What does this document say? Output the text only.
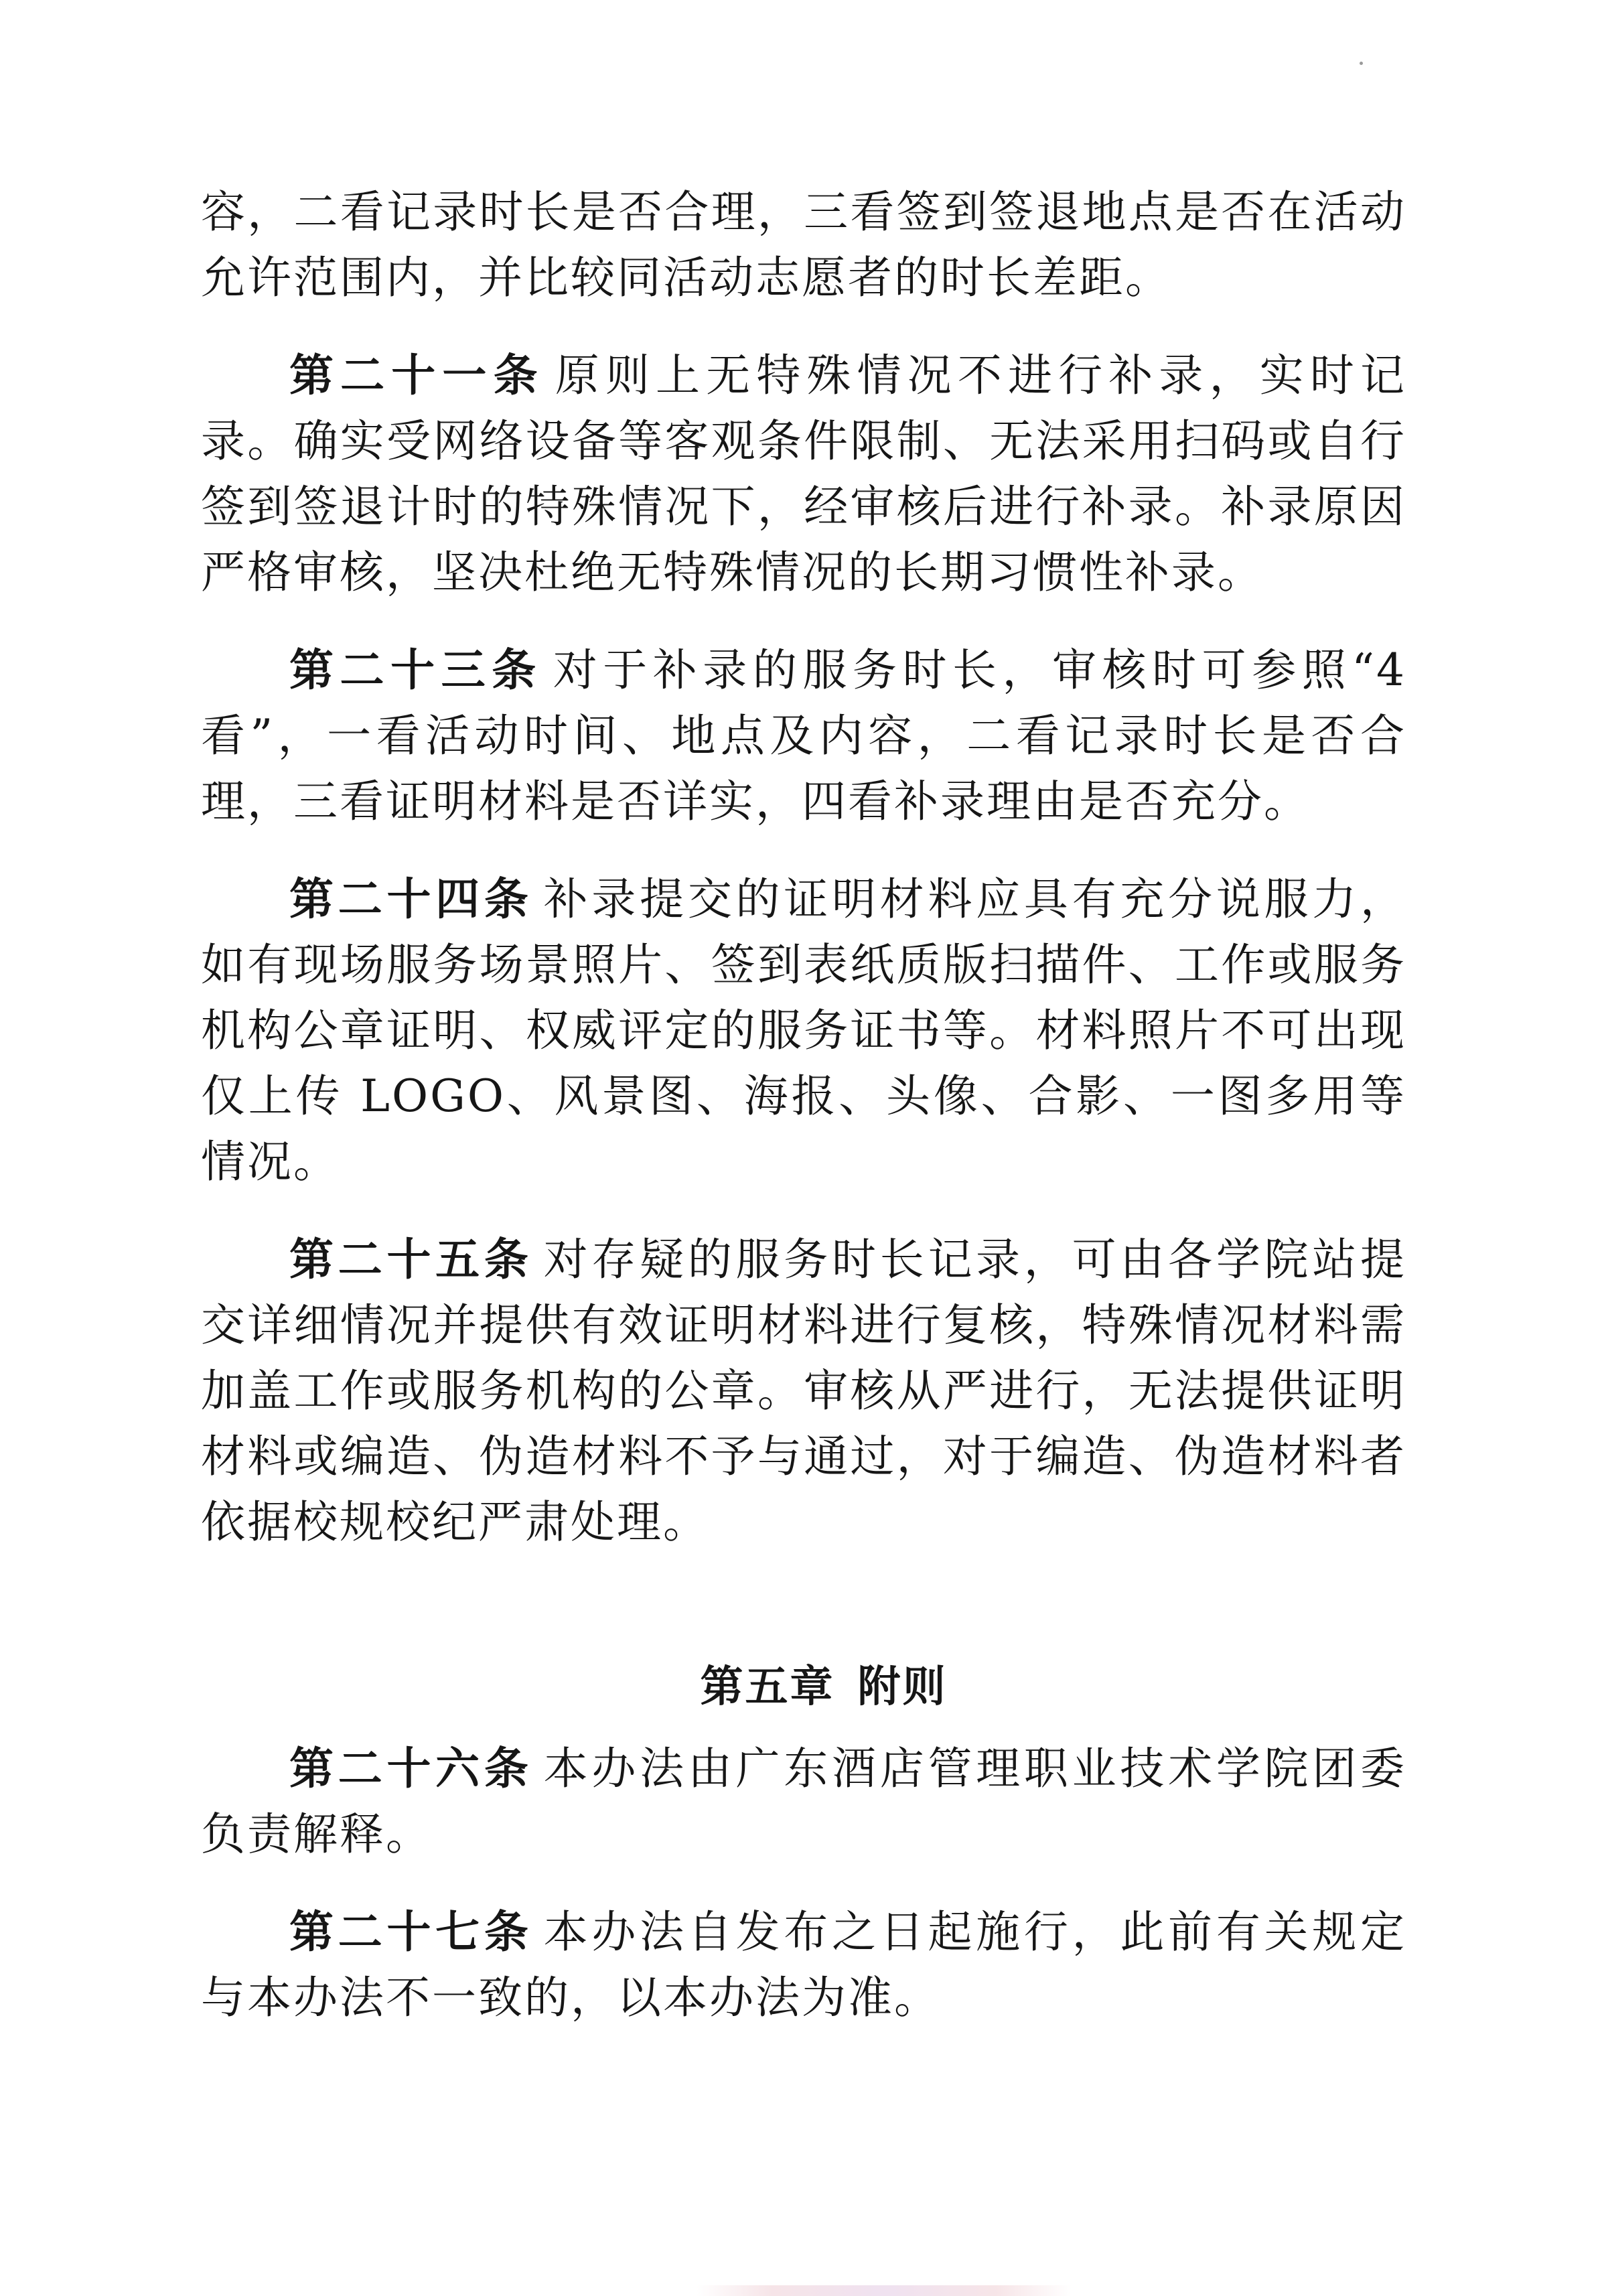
容，二看记录时长是否合理，三看签到签退地点是否在活动允许范围内，并比较同活动志愿者的时长差距。

第二十一条 原则上无特殊情况不进行补录，实时记录。确实受网络设备等客观条件限制、无法采用扫码或自行签到签退计时的特殊情况下，经审核后进行补录。补录原因严格审核，坚决杜绝无特殊情况的长期习惯性补录。

第二十三条 对于补录的服务时长，审核时可参照“4 看”，一看活动时间、地点及内容，二看记录时长是否合理，三看证明材料是否详实，四看补录理由是否充分。

第二十四条 补录提交的证明材料应具有充分说服力，如有现场服务场景照片、签到表纸质版扫描件、工作或服务机构公章证明、权威评定的服务证书等。材料照片不可出现仅上传 LOGO、风景图、海报、头像、合影、一图多用等情况。

第二十五条 对存疑的服务时长记录，可由各学院站提交详细情况并提供有效证明材料进行复核，特殊情况材料需加盖工作或服务机构的公章。审核从严进行，无法提供证明材料或编造、伪造材料不予与通过，对于编造、伪造材料者依据校规校纪严肃处理。

第五章 附则

第二十六条 本办法由广东酒店管理职业技术学院团委负责解释。

第二十七条 本办法自发布之日起施行，此前有关规定与本办法不一致的，以本办法为准。
